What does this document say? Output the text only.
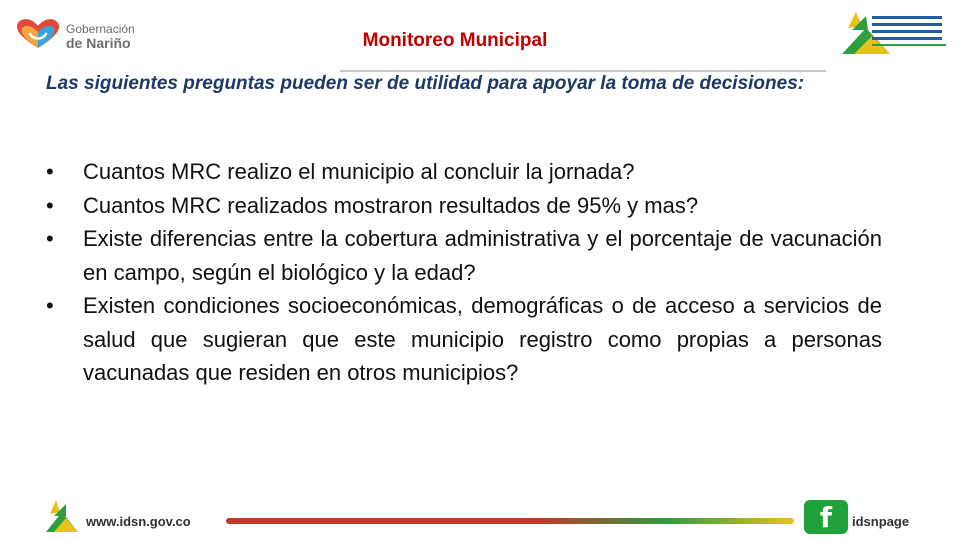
Gobernación
de Nariño	Monitoreo Municipal
Las siguientes preguntas pueden ser de utilidad para apoyar la toma de decisiones:
• Cuantos MRC realizo el municipio al concluir la jornada?
• Cuantos MRC realizados mostraron resultados de 95% y mas?
• Existe diferencias entre la cobertura administrativa y el porcentaje de vacunación en campo, según el biológico y la edad?
• Existen condiciones socioeconómicas, demográficas o de acceso a servicios de salud que sugieran que este municipio registro como propias a personas vacunadas que residen en otros municipios?
www.idsn.gov.co	f	idsnpage
